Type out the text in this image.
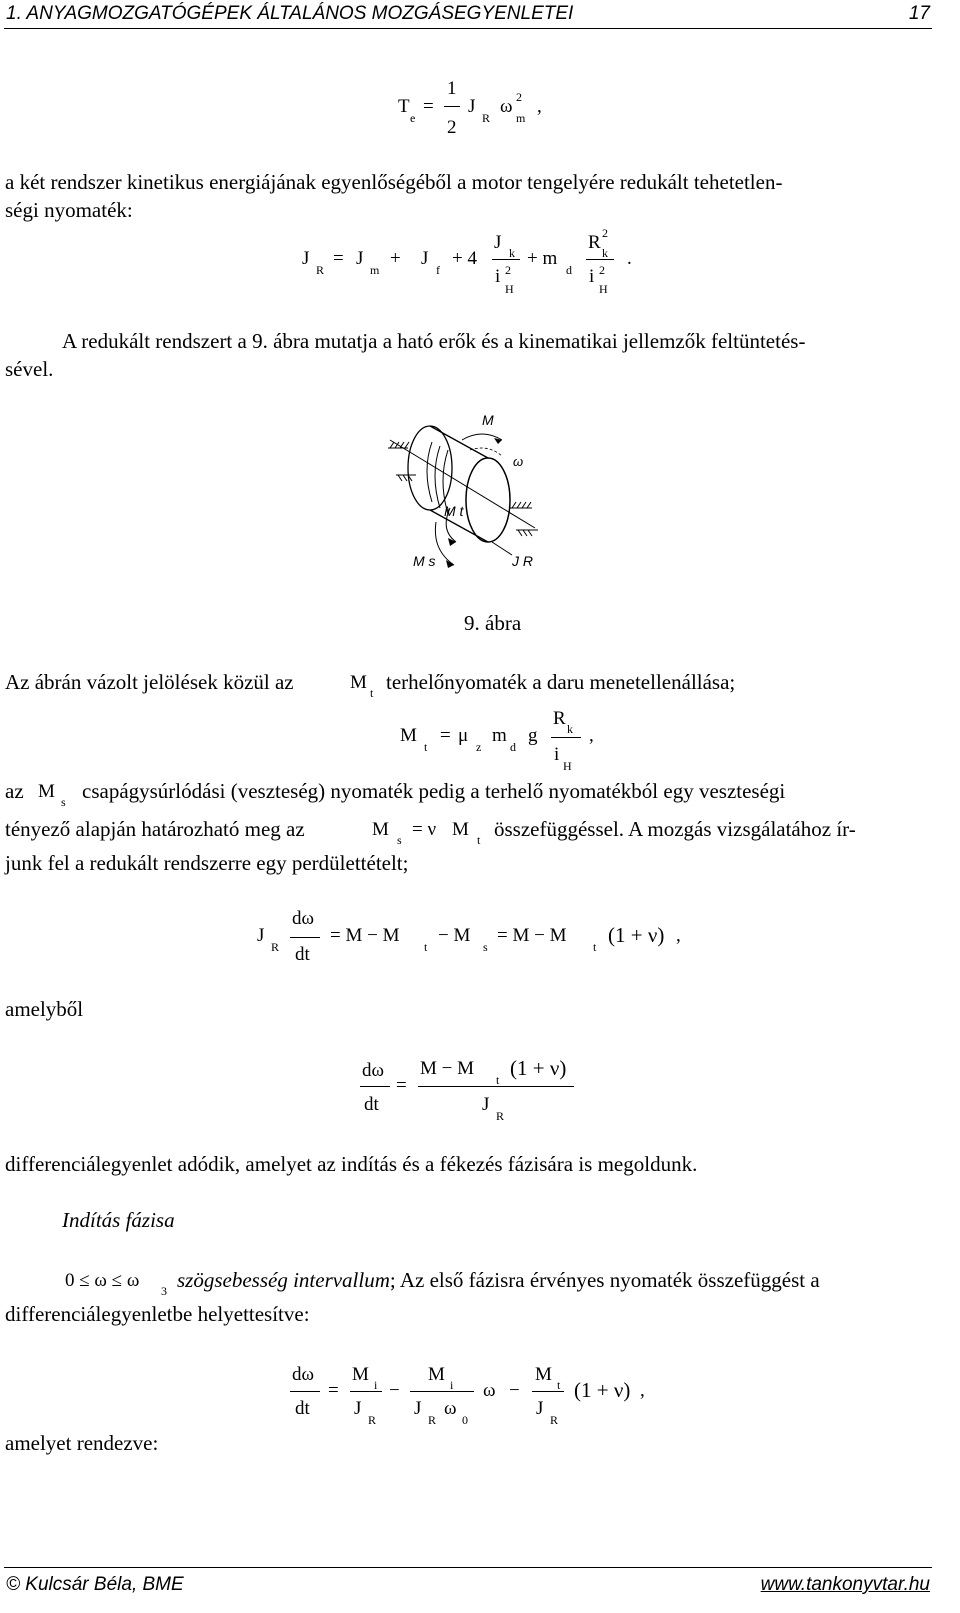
1. ANYAGMOZGATÓGÉPEK ÁLTALÁNOS MOZGÁSEGYENLETEI	17
T
e
=
1
2
J
R
ω 2
m
,
a két rendszer kinetikus energiájának egyenlőségéből a motor tengelyére redukált tehetetlen-
ségi nyomaték:
J
R
= J
m
+ J
f
+ 4
J k
i 2
H
+ m
d
R 2
k
i 2
H
.
A redukált rendszert a 9. ábra mutatja a ható erők és a kinematikai jellemzők feltüntetés-
sével.
M
ω
M t
M s	J R
9. ábra
Az ábrán vázolt jelölések közül az	M t terhelőnyomaték a daru menetellenállása;
M
t
= μ
z
m
d
g
R k
i
H
,
az M s csapágysúrlódási (veszteség) nyomaték pedig a terhelő nyomatékból egy veszteségi
tényező alapján határozható meg az	M s = ν M t összefüggéssel. A mozgás vizsgálatához ír-
junk fel a redukált rendszerre egy perdülettételt;
J
R
dω
dt
= M − M
t
− M
s
= M − M
t (1 + ν) ,
amelyből
dω
dt
=
M − M
t (1 + ν)
J
R
differenciálegyenlet adódik, amelyet az indítás és a fékezés fázisára is megoldunk.
Indítás fázisa
0 ≤ ω ≤ ω 3 szögsebesség intervallum; Az első fázisra érvényes nyomaték összefüggést a
differenciálegyenletbe helyettesítve:
dω
dt
=
M i
J
R
−
M i
J
R
ω
0
ω −
M t
J
R
(1 + ν) ,
amelyet rendezve:
© Kulcsár Béla, BME	www.tankonyvtar.hu
